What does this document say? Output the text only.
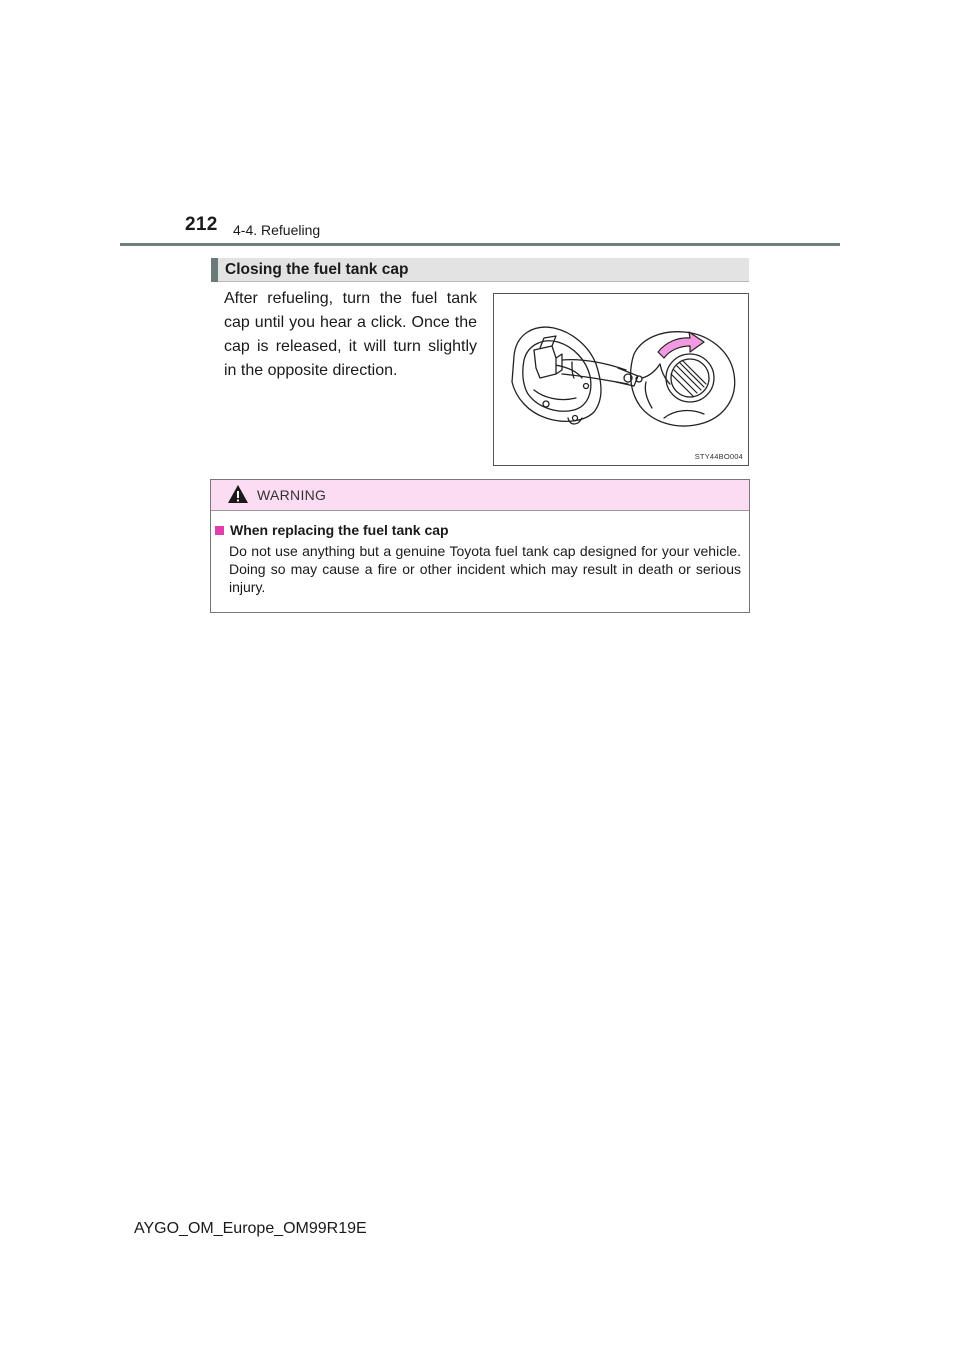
212 4-4. Refueling
Closing the fuel tank cap
After refueling, turn the fuel tank cap until you hear a click. Once the cap is released, it will turn slightly in the opposite direction.
STY44BO004
WARNING
When replacing the fuel tank cap
Do not use anything but a genuine Toyota fuel tank cap designed for your vehicle. Doing so may cause a fire or other incident which may result in death or serious injury.
AYGO_OM_Europe_OM99R19E
